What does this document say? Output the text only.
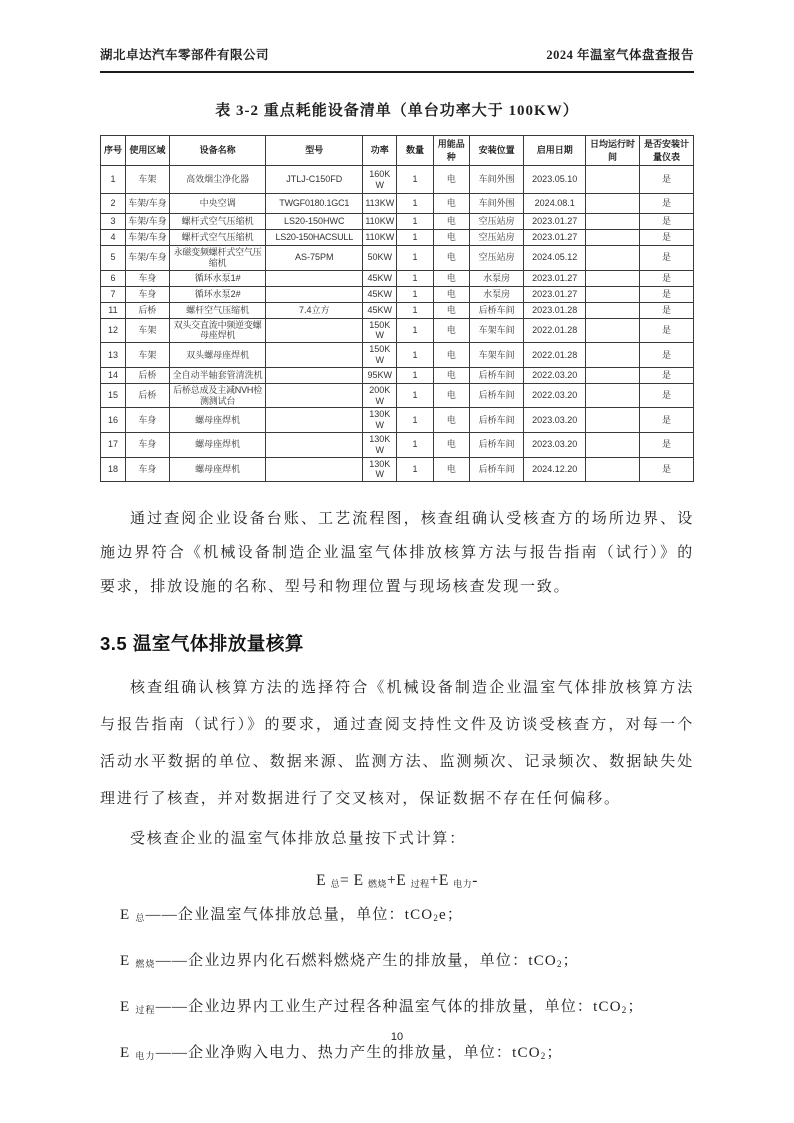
湖北卓达汽车零部件有限公司	2024 年温室气体盘查报告
表 3-2 重点耗能设备清单（单台功率大于 100KW）
序号	使用区域	设备名称	型号	功率	数量	用能品种	安装位置	启用日期	日均运行时间	是否安装计量仪表
1	车架	高效烟尘净化器	JTLJ-C150FD	160KW	1	电	车间外围	2023.05.10		是
2	车架/车身	中央空调	TWGF0180.1GC1	113KW	1	电	车间外围	2024.08.1		是
3	车架/车身	螺杆式空气压缩机	LS20-150HWC	110KW	1	电	空压站房	2023.01.27		是
4	车架/车身	螺杆式空气压缩机	LS20-150HACSULL	110KW	1	电	空压站房	2023.01.27		是
5	车架/车身	永磁变频螺杆式空气压缩机	AS-75PM	50KW	1	电	空压站房	2024.05.12		是
6	车身	循环水泵1#		45KW	1	电	水泵房	2023.01.27		是
7	车身	循环水泵2#		45KW	1	电	水泵房	2023.01.27		是
11	后桥	螺杆空气压缩机	7.4立方	45KW	1	电	后桥车间	2023.01.28		是
12	车架	双头交直流中频逆变螺母座焊机		150KW	1	电	车架车间	2022.01.28		是
13	车架	双头螺母座焊机		150KW	1	电	车架车间	2022.01.28		是
14	后桥	全自动半轴套管清洗机		95KW	1	电	后桥车间	2022.03.20		是
15	后桥	后桥总成及主减NVH检测测试台		200KW	1	电	后桥车间	2022.03.20		是
16	车身	螺母座焊机		130KW	1	电	后桥车间	2023.03.20		是
17	车身	螺母座焊机		130KW	1	电	后桥车间	2023.03.20		是
18	车身	螺母座焊机		130KW	1	电	后桥车间	2024.12.20		是

通过查阅企业设备台账、工艺流程图，核查组确认受核查方的场所边界、设施边界符合《机械设备制造企业温室气体排放核算方法与报告指南（试行）》的要求，排放设施的名称、型号和物理位置与现场核查发现一致。

3.5 温室气体排放量核算

核查组确认核算方法的选择符合《机械设备制造企业温室气体排放核算方法与报告指南（试行）》的要求，通过查阅支持性文件及访谈受核查方，对每一个活动水平数据的单位、数据来源、监测方法、监测频次、记录频次、数据缺失处理进行了核查，并对数据进行了交叉核对，保证数据不存在任何偏移。

受核查企业的温室气体排放总量按下式计算：

E $_总$= E $_{燃烧}$+E $_{过程}$+E $_{电力}$-

E $_总$——企业温室气体排放总量，单位：tCO$_2$e；

E $_{燃烧}$——企业边界内化石燃料燃烧产生的排放量，单位：tCO$_2$；

E $_{过程}$——企业边界内工业生产过程各种温室气体的排放量，单位：tCO$_2$；

E $_{电力}$——企业净购入电力、热力产生的排放量，单位：tCO$_2$；

10
